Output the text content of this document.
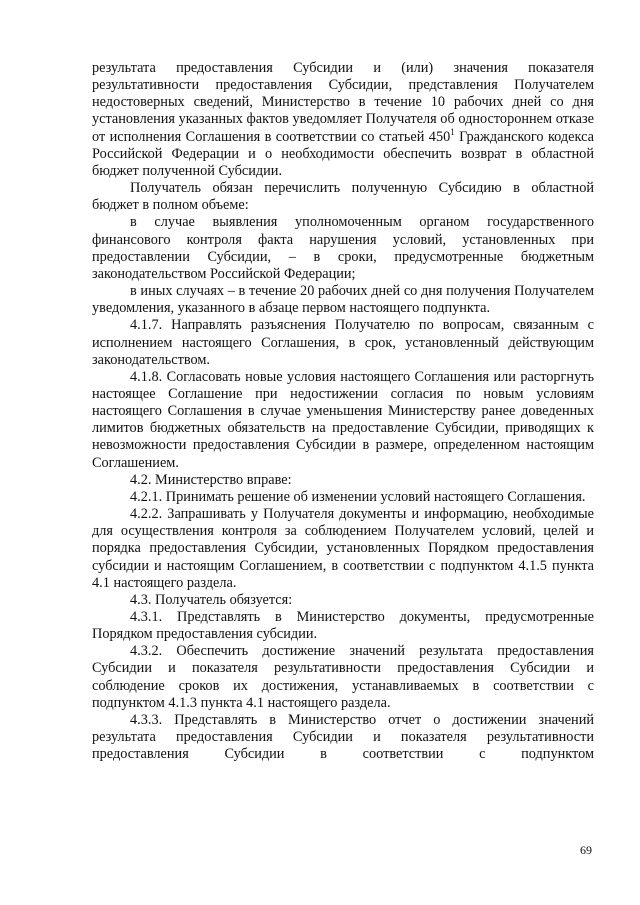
результата предоставления Субсидии и (или) значения показателя результативности предоставления Субсидии, представления Получателем недостоверных сведений, Министерство в течение 10 рабочих дней со дня установления указанных фактов уведомляет Получателя об одностороннем отказе от исполнения Соглашения в соответствии со статьей $450^1$ Гражданского кодекса Российской Федерации и о необходимости обеспечить возврат в областной бюджет полученной Субсидии.

Получатель обязан перечислить полученную Субсидию в областной бюджет в полном объеме:

в случае выявления уполномоченным органом государственного финансового контроля факта нарушения условий, установленных при предоставлении Субсидии, – в сроки, предусмотренные бюджетным законодательством Российской Федерации;

в иных случаях – в течение 20 рабочих дней со дня получения Получателем уведомления, указанного в абзаце первом настоящего подпункта.

4.1.7. Направлять разъяснения Получателю по вопросам, связанным с исполнением настоящего Соглашения, в срок, установленный действующим законодательством.

4.1.8. Согласовать новые условия настоящего Соглашения или расторгнуть настоящее Соглашение при недостижении согласия по новым условиям настоящего Соглашения в случае уменьшения Министерству ранее доведенных лимитов бюджетных обязательств на предоставление Субсидии, приводящих к невозможности предоставления Субсидии в размере, определенном настоящим Соглашением.

4.2. Министерство вправе:

4.2.1. Принимать решение об изменении условий настоящего Соглашения.

4.2.2. Запрашивать у Получателя документы и информацию, необходимые для осуществления контроля за соблюдением Получателем условий, целей и порядка предоставления Субсидии, установленных Порядком предоставления субсидии и настоящим Соглашением, в соответствии с подпунктом 4.1.5 пункта 4.1 настоящего раздела.

4.3. Получатель обязуется:

4.3.1. Представлять в Министерство документы, предусмотренные Порядком предоставления субсидии.

4.3.2. Обеспечить достижение значений результата предоставления Субсидии и показателя результативности предоставления Субсидии и соблюдение сроков их достижения, устанавливаемых в соответствии с подпунктом 4.1.3 пункта 4.1 настоящего раздела.

4.3.3. Представлять в Министерство отчет о достижении значений результата предоставления Субсидии и показателя результативности предоставления Субсидии в соответствии с подпунктом

69
